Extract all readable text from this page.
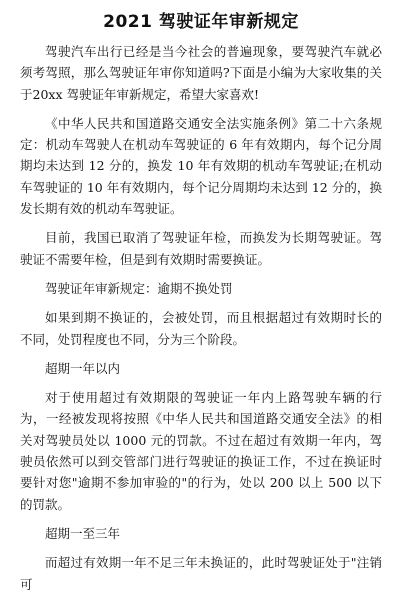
2021 驾驶证年审新规定

驾驶汽车出行已经是当今社会的普遍现象，要驾驶汽车就必须考驾照，那么驾驶证年审你知道吗?下面是小编为大家收集的关于20xx 驾驶证年审新规定，希望大家喜欢!

《中华人民共和国道路交通安全法实施条例》第二十六条规定：机动车驾驶人在机动车驾驶证的 6 年有效期内，每个记分周期均未达到 12 分的，换发 10 年有效期的机动车驾驶证;在机动车驾驶证的 10 年有效期内，每个记分周期均未达到 12 分的，换发长期有效的机动车驾驶证。

目前，我国已取消了驾驶证年检，而换发为长期驾驶证。驾驶证不需要年检，但是到有效期时需要换证。

驾驶证年审新规定：逾期不换处罚

如果到期不换证的，会被处罚，而且根据超过有效期时长的不同，处罚程度也不同，分为三个阶段。

超期一年以内

对于使用超过有效期限的驾驶证一年内上路驾驶车辆的行为，一经被发现将按照《中华人民共和国道路交通安全法》的相关对驾驶员处以 1000 元的罚款。不过在超过有效期一年内，驾驶员依然可以到交管部门进行驾驶证的换证工作，不过在换证时要针对您"逾期不参加审验的"的行为，处以 200 以上 500 以下的罚款。

超期一至三年

而超过有效期一年不足三年未换证的，此时驾驶证处于"注销可
